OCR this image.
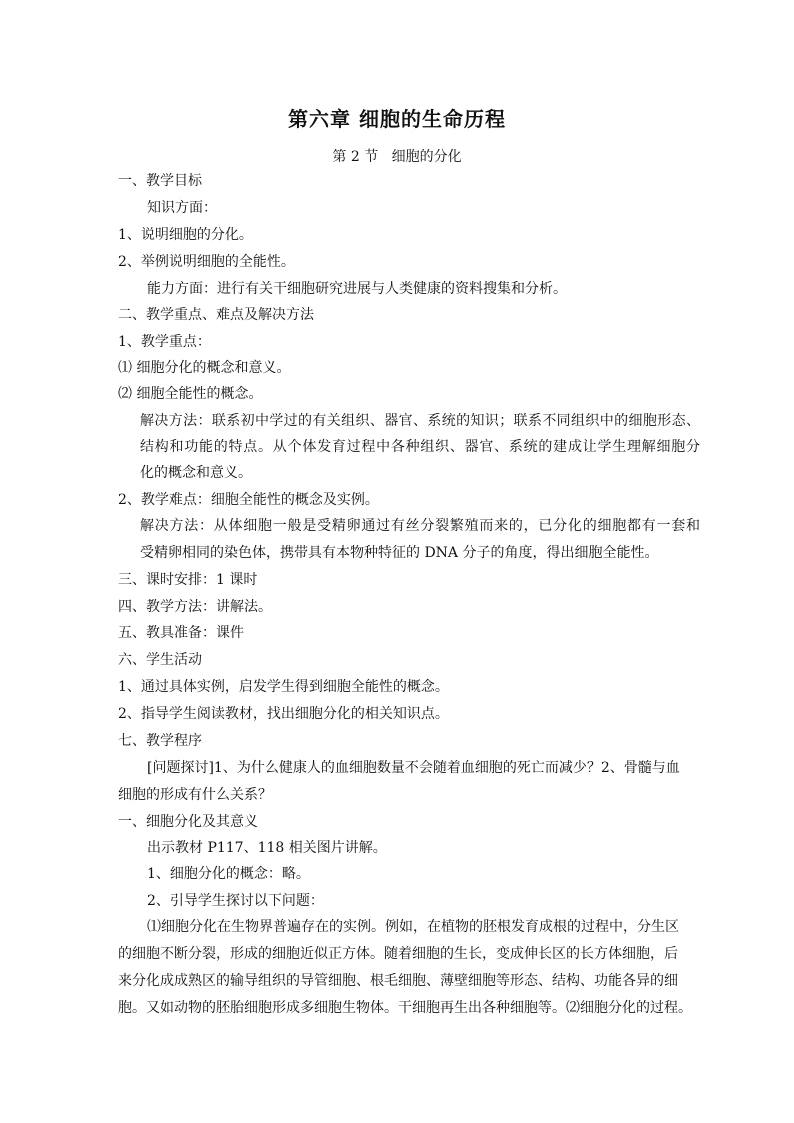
第六章 细胞的生命历程
第 2 节   细胞的分化
一、教学目标
知识方面：
1、说明细胞的分化。
2、举例说明细胞的全能性。
能力方面：进行有关干细胞研究进展与人类健康的资料搜集和分析。
二、教学重点、难点及解决方法
1、教学重点：
⑴ 细胞分化的概念和意义。
⑵ 细胞全能性的概念。
解决方法：联系初中学过的有关组织、器官、系统的知识；联系不同组织中的细胞形态、
结构和功能的特点。从个体发育过程中各种组织、器官、系统的建成让学生理解细胞分
化的概念和意义。
2、教学难点：细胞全能性的概念及实例。
解决方法：从体细胞一般是受精卵通过有丝分裂繁殖而来的，已分化的细胞都有一套和
受精卵相同的染色体，携带具有本物种特征的 DNA 分子的角度，得出细胞全能性。
三、课时安排：1 课时
四、教学方法：讲解法。
五、教具准备：课件
六、学生活动
1、通过具体实例，启发学生得到细胞全能性的概念。
2、指导学生阅读教材，找出细胞分化的相关知识点。
七、教学程序
[问题探讨]1、为什么健康人的血细胞数量不会随着血细胞的死亡而减少？2、骨髓与血
细胞的形成有什么关系？
一、细胞分化及其意义
出示教材 P117、118 相关图片讲解。
1、细胞分化的概念：略。
2、引导学生探讨以下问题：
⑴细胞分化在生物界普遍存在的实例。例如，在植物的胚根发育成根的过程中，分生区
的细胞不断分裂，形成的细胞近似正方体。随着细胞的生长，变成伸长区的长方体细胞，后
来分化成成熟区的输导组织的导管细胞、根毛细胞、薄壁细胞等形态、结构、功能各异的细
胞。又如动物的胚胎细胞形成多细胞生物体。干细胞再生出各种细胞等。⑵细胞分化的过程。
